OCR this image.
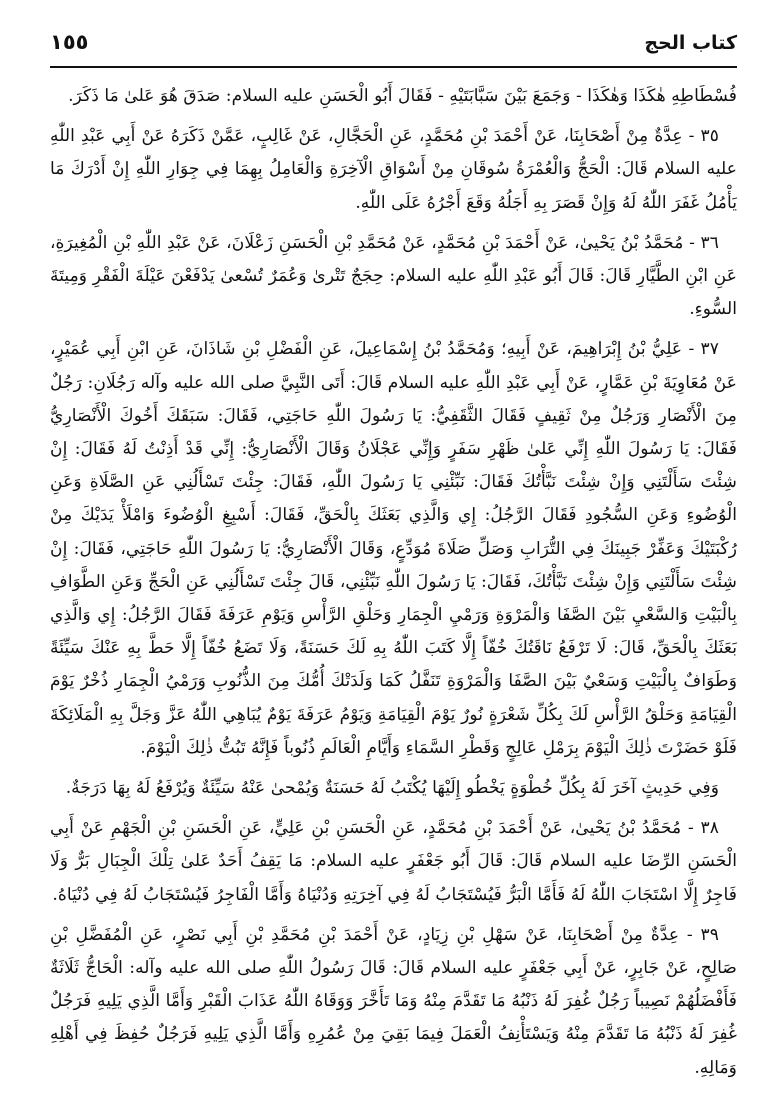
كتاب الحج
١٥٥

فُسْطَاطِهِ هٰكَذَا وَهٰكَذَا - وَجَمَعَ بَيْنَ سَبَّابَتَيْهِ - فَقَالَ أَبُو الْحَسَنِ عليه السلام: صَدَقَ هُوَ عَلىٰ مَا ذَكَرَ.

٣٥ - عِدَّةٌ مِنْ أَصْحَابِنَا، عَنْ أَحْمَدَ بْنِ مُحَمَّدٍ، عَنِ الْحَجَّالِ، عَنْ غَالِبٍ، عَمَّنْ ذَكَرَهُ عَنْ أَبِي عَبْدِ اللّٰهِ عليه السلام قَالَ: الْحَجُّ وَالْعُمْرَةُ سُوقَانِ مِنْ أَسْوَاقِ الْآخِرَةِ وَالْعَامِلُ بِهِمَا فِي جِوَارِ اللّٰهِ إِنْ أَدْرَكَ مَا يَأْمُلُ غَفَرَ اللّٰهُ لَهُ وَإِنْ قَصَرَ بِهِ أَجَلُهُ وَقَعَ أَجْرُهُ عَلَى اللّٰهِ.

٣٦ - مُحَمَّدُ بْنُ يَحْيىٰ، عَنْ أَحْمَدَ بْنِ مُحَمَّدٍ، عَنْ مُحَمَّدِ بْنِ الْحَسَنِ زَعْلَانَ، عَنْ عَبْدِ اللّٰهِ بْنِ الْمُغِيرَةِ، عَنِ ابْنِ الطَّيَّارِ قَالَ: قَالَ أَبُو عَبْدِ اللّٰهِ عليه السلام: حِجَجٌ تَتْرىٰ وَعُمَرٌ تُسْعىٰ يَدْفَعْنَ عَيْلَةَ الْفَقْرِ وَمِيتَةَ السُّوءِ.

٣٧ - عَلِيُّ بْنُ إِبْرَاهِيمَ، عَنْ أَبِيهِ؛ وَمُحَمَّدُ بْنُ إِسْمَاعِيلَ، عَنِ الْفَضْلِ بْنِ شَاذَانَ، عَنِ ابْنِ أَبِي عُمَيْرٍ، عَنْ مُعَاوِيَةَ بْنِ عَمَّارٍ، عَنْ أَبِي عَبْدِ اللّٰهِ عليه السلام قَالَ: أَتَى النَّبِيَّ صلى الله عليه وآله رَجُلَانِ: رَجُلٌ مِنَ الْأَنْصَارِ وَرَجُلٌ مِنْ ثَقِيفٍ فَقَالَ الثَّقَفِيُّ: يَا رَسُولَ اللّٰهِ حَاجَتِي، فَقَالَ: سَبَقَكَ أَخُوكَ الْأَنْصَارِيُّ فَقَالَ: يَا رَسُولَ اللّٰهِ إِنِّي عَلىٰ ظَهْرِ سَفَرٍ وَإِنِّي عَجْلَانُ وَقَالَ الْأَنْصَارِيُّ: إِنِّي قَدْ أَذِنْتُ لَهُ فَقَالَ: إِنْ شِئْتَ سَأَلْتَنِي وَإِنْ شِئْتَ نَبَّأْتُكَ فَقَالَ: نَبِّئْنِي يَا رَسُولَ اللّٰهِ، فَقَالَ: جِئْتَ تَسْأَلُنِي عَنِ الصَّلَاةِ وَعَنِ الْوُضُوءِ وَعَنِ السُّجُودِ فَقَالَ الرَّجُلُ: إِي وَالَّذِي بَعَثَكَ بِالْحَقِّ، فَقَالَ: أَسْبِغِ الْوُضُوءَ وَامْلَأْ يَدَيْكَ مِنْ رُكْبَتَيْكَ وَعَفِّرْ جَبِينَكَ فِي التُّرَابِ وَصَلِّ صَلَاةَ مُوَدِّعٍ، وَقَالَ الْأَنْصَارِيُّ: يَا رَسُولَ اللّٰهِ حَاجَتِي، فَقَالَ: إِنْ شِئْتَ سَأَلْتَنِي وَإِنْ شِئْتَ نَبَّأْتُكَ، فَقَالَ: يَا رَسُولَ اللّٰهِ نَبِّئْنِي، قَالَ جِئْتَ تَسْأَلُنِي عَنِ الْحَجِّ وَعَنِ الطَّوَافِ بِالْبَيْتِ وَالسَّعْيِ بَيْنَ الصَّفَا وَالْمَرْوَةِ وَرَمْيِ الْجِمَارِ وَحَلْقِ الرَّأْسِ وَيَوْمِ عَرَفَةَ فَقَالَ الرَّجُلُ: إِي وَالَّذِي بَعَثَكَ بِالْحَقِّ، قَالَ: لَا تَرْفَعُ نَاقَتُكَ خُفّاً إِلَّا كَتَبَ اللّٰهُ بِهِ لَكَ حَسَنَةً، وَلَا تَضَعُ خُفّاً إِلَّا حَطَّ بِهِ عَنْكَ سَيِّئَةً وَطَوَافٌ بِالْبَيْتِ وَسَعْيٌ بَيْنَ الصَّفَا وَالْمَرْوَةِ تَنَفَّلُ كَمَا وَلَدَتْكَ أُمُّكَ مِنَ الذُّنُوبِ وَرَمْيُ الْجِمَارِ ذُخْرٌ يَوْمَ الْقِيَامَةِ وَحَلْقُ الرَّأْسِ لَكَ بِكُلِّ شَعْرَةٍ نُورٌ يَوْمَ الْقِيَامَةِ وَيَوْمُ عَرَفَةَ يَوْمٌ يُبَاهِي اللّٰهُ عَزَّ وَجَلَّ بِهِ الْمَلَائِكَةَ فَلَوْ حَضَرْتَ ذٰلِكَ الْيَوْمَ بِرَمْلِ عَالِجٍ وَقَطْرِ السَّمَاءِ وَأَيَّامِ الْعَالَمِ ذُنُوباً فَإِنَّهُ تَبُتُّ ذٰلِكَ الْيَوْمَ.

وَفِي حَدِيثٍ آخَرَ لَهُ بِكُلِّ خُطْوَةٍ يَخْطُو إِلَيْهَا يُكْتَبُ لَهُ حَسَنَةٌ وَيُمْحىٰ عَنْهُ سَيِّئَةٌ وَيُرْفَعُ لَهُ بِهَا دَرَجَةٌ.

٣٨ - مُحَمَّدُ بْنُ يَحْيىٰ، عَنْ أَحْمَدَ بْنِ مُحَمَّدٍ، عَنِ الْحَسَنِ بْنِ عَلِيٍّ، عَنِ الْحَسَنِ بْنِ الْجَهْمِ عَنْ أَبِي الْحَسَنِ الرِّضَا عليه السلام قَالَ: قَالَ أَبُو جَعْفَرٍ عليه السلام: مَا يَقِفُ أَحَدٌ عَلىٰ تِلْكَ الْجِبَالِ بَرٌّ وَلَا فَاجِرٌ إِلَّا اسْتَجَابَ اللّٰهُ لَهُ فَأَمَّا الْبَرُّ فَيُسْتَجَابُ لَهُ فِي آخِرَتِهِ وَدُنْيَاهُ وَأَمَّا الْفَاجِرُ فَيُسْتَجَابُ لَهُ فِي دُنْيَاهُ.

٣٩ - عِدَّةٌ مِنْ أَصْحَابِنَا، عَنْ سَهْلِ بْنِ زِيَادٍ، عَنْ أَحْمَدَ بْنِ مُحَمَّدِ بْنِ أَبِي نَصْرٍ، عَنِ الْمُفَضَّلِ بْنِ صَالِحٍ، عَنْ جَابِرٍ، عَنْ أَبِي جَعْفَرٍ عليه السلام قَالَ: قَالَ رَسُولُ اللّٰهِ صلى الله عليه وآله: الْحَاجُّ ثَلَاثَةٌ فَأَفْضَلُهُمْ نَصِيباً رَجُلٌ غُفِرَ لَهُ ذَنْبُهُ مَا تَقَدَّمَ مِنْهُ وَمَا تَأَخَّرَ وَوَقَاهُ اللّٰهُ عَذَابَ الْقَبْرِ وَأَمَّا الَّذِي يَلِيهِ فَرَجُلٌ غُفِرَ لَهُ ذَنْبُهُ مَا تَقَدَّمَ مِنْهُ وَيَسْتَأْنِفُ الْعَمَلَ فِيمَا بَقِيَ مِنْ عُمُرِهِ وَأَمَّا الَّذِي يَلِيهِ فَرَجُلٌ حُفِظَ فِي أَهْلِهِ وَمَالِهِ.
